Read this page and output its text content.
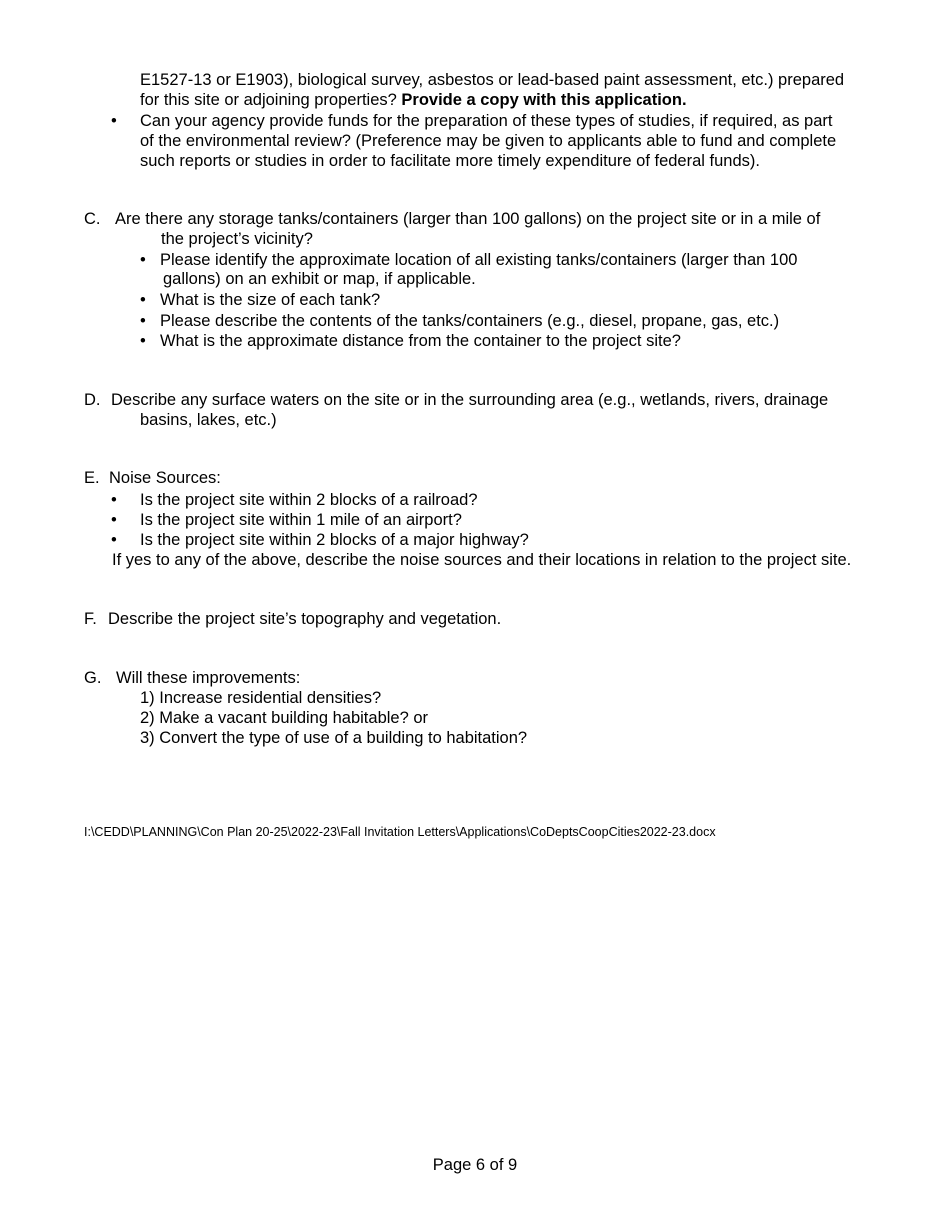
E1527-13 or E1903), biological survey, asbestos or lead-based paint assessment, etc.) prepared
for this site or adjoining properties? Provide a copy with this application.
• Can your agency provide funds for the preparation of these types of studies, if required, as part
of the environmental review? (Preference may be given to applicants able to fund and complete
such reports or studies in order to facilitate more timely expenditure of federal funds).
C. Are there any storage tanks/containers (larger than 100 gallons) on the project site or in a mile of
the project’s vicinity?
• Please identify the approximate location of all existing tanks/containers (larger than 100
gallons) on an exhibit or map, if applicable.
• What is the size of each tank?
• Please describe the contents of the tanks/containers (e.g., diesel, propane, gas, etc.)
• What is the approximate distance from the container to the project site?
D. Describe any surface waters on the site or in the surrounding area (e.g., wetlands, rivers, drainage
basins, lakes, etc.)
E. Noise Sources:
• Is the project site within 2 blocks of a railroad?
• Is the project site within 1 mile of an airport?
• Is the project site within 2 blocks of a major highway?
If yes to any of the above, describe the noise sources and their locations in relation to the project site.
F. Describe the project site’s topography and vegetation.
G. Will these improvements:
1) Increase residential densities?
2) Make a vacant building habitable? or
3) Convert the type of use of a building to habitation?
I:\CEDD\PLANNING\Con Plan 20-25\2022-23\Fall Invitation Letters\Applications\CoDeptsCoopCities2022-23.docx
Page 6 of 9
